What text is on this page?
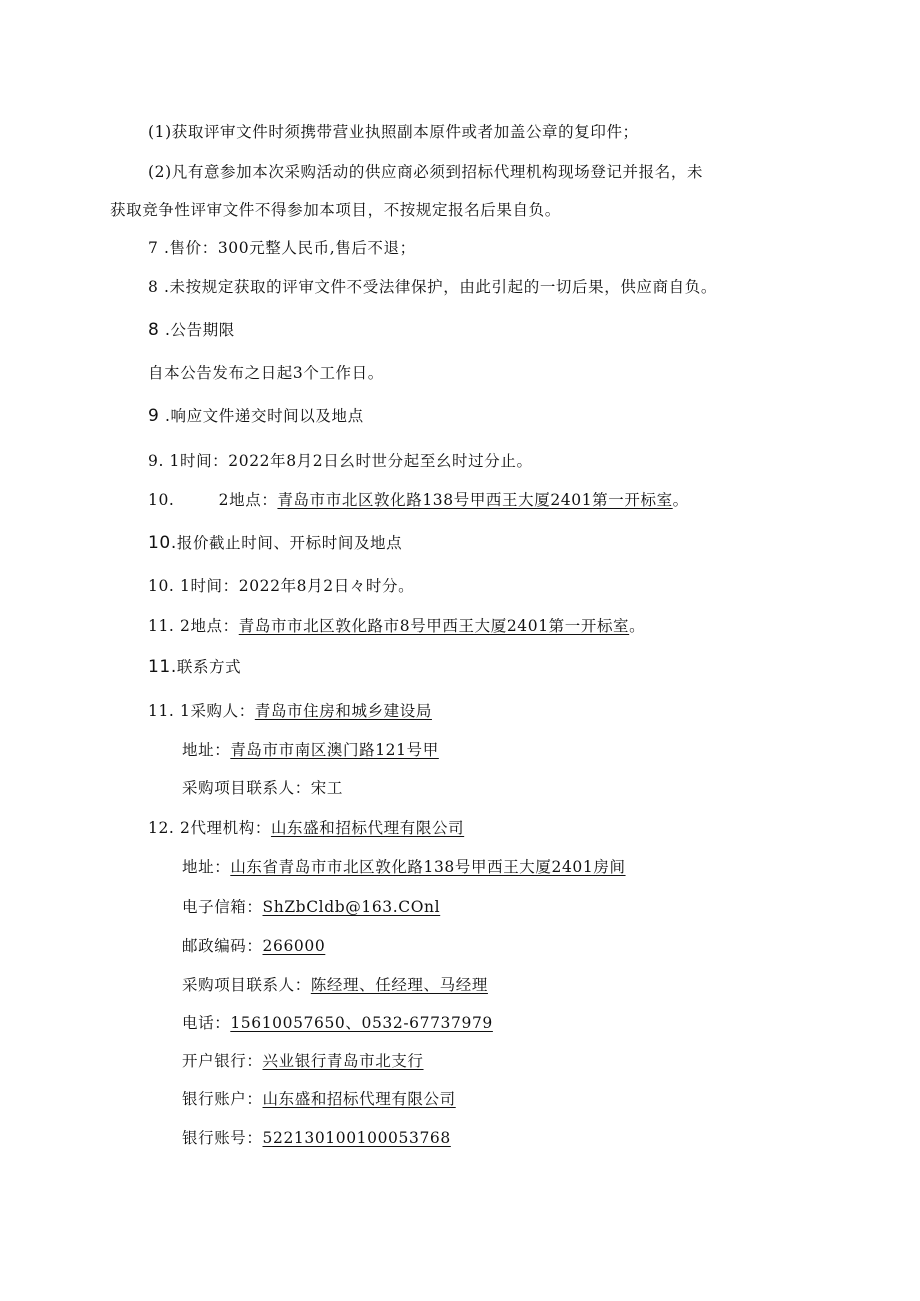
(1)获取评审文件时须携带营业执照副本原件或者加盖公章的复印件；
(2)凡有意参加本次采购活动的供应商必须到招标代理机构现场登记并报名，未
获取竞争性评审文件不得参加本项目，不按规定报名后果自负。
7 .售价：300元整人民币,售后不退；
8 .未按规定获取的评审文件不受法律保护，由此引起的一切后果，供应商自负。
8 .公告期限
自本公告发布之日起3个工作日。
9 .响应文件递交时间以及地点
9. 1时间：2022年8月2日幺时世分起至幺时过分止。
10.        2地点：青岛市市北区敦化路138号甲西王大厦2401第一开标室。
10.报价截止时间、开标时间及地点
10. 1时间：2022年8月2日々时分。
11. 2地点：青岛市市北区敦化路市8号甲西王大厦2401第一开标室。
11.联系方式
11. 1采购人：青岛市住房和城乡建设局
地址：青岛市市南区澳门路121号甲
采购项目联系人：宋工
12. 2代理机构：山东盛和招标代理有限公司
地址：山东省青岛市市北区敦化路138号甲西王大厦2401房间
电子信箱：ShZbCldb@163.COnl
邮政编码：266000
采购项目联系人：陈经理、任经理、马经理
电话：15610057650、0532-67737979
开户银行：兴业银行青岛市北支行
银行账户：山东盛和招标代理有限公司
银行账号：522130100100053768
